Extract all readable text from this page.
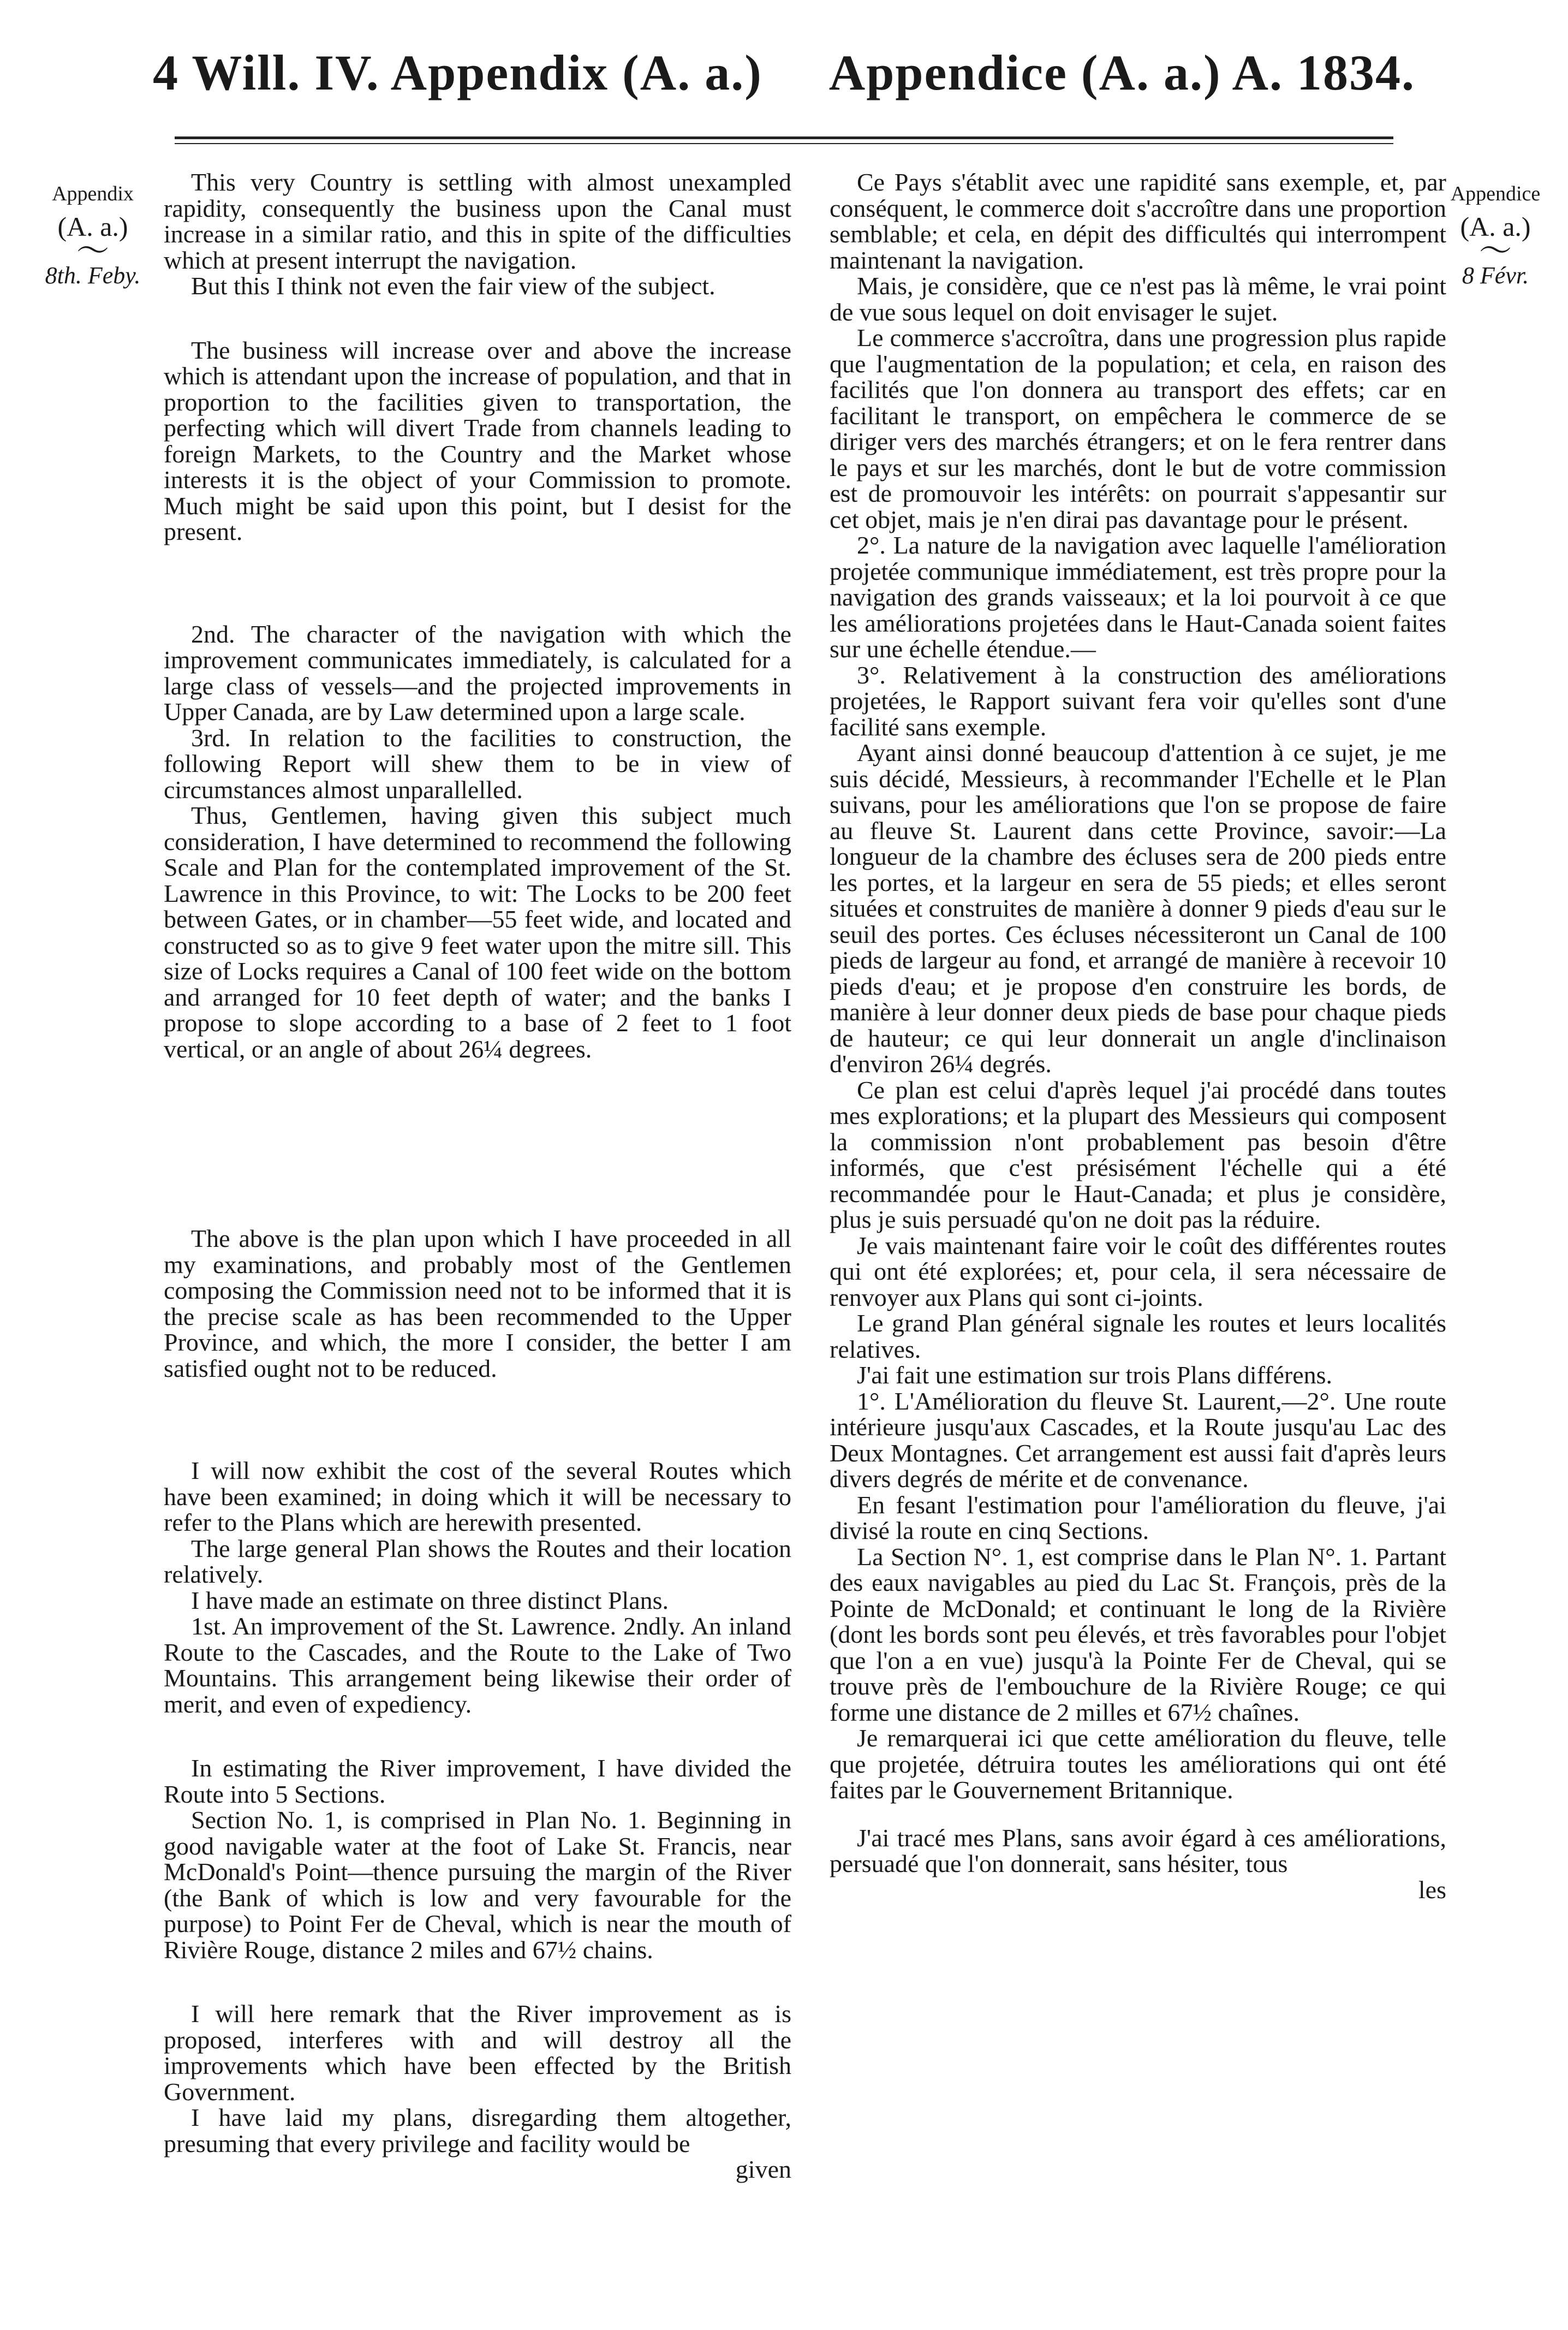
4 Will. IV. Appendix (A. a.) Appendice (A. a.) A. 1834.
Appendix
(A. a.)
〜
8th. Feby.
Appendice
(A. a.)
〜
8 Févr.

This very Country is settling with almost unexampled rapidity, consequently the business upon the Canal must increase in a similar ratio, and this in spite of the difficulties which at present interrupt the navigation.

But this I think not even the fair view of the subject.

The business will increase over and above the increase which is attendant upon the increase of population, and that in proportion to the facilities given to transportation, the perfecting which will divert Trade from channels leading to foreign Markets, to the Country and the Market whose interests it is the object of your Commission to promote. Much might be said upon this point, but I desist for the present.

2nd. The character of the navigation with which the improvement communicates immediately, is calculated for a large class of vessels—and the projected improvements in Upper Canada, are by Law determined upon a large scale.

3rd. In relation to the facilities to construction, the following Report will shew them to be in view of circumstances almost unparallelled.

Thus, Gentlemen, having given this subject much consideration, I have determined to recommend the following Scale and Plan for the contemplated improvement of the St. Lawrence in this Province, to wit: The Locks to be 200 feet between Gates, or in chamber—55 feet wide, and located and constructed so as to give 9 feet water upon the mitre sill. This size of Locks requires a Canal of 100 feet wide on the bottom and arranged for 10 feet depth of water; and the banks I propose to slope according to a base of 2 feet to 1 foot vertical, or an angle of about 26¼ degrees.

The above is the plan upon which I have proceeded in all my examinations, and probably most of the Gentlemen composing the Commission need not to be informed that it is the precise scale as has been recommended to the Upper Province, and which, the more I consider, the better I am satisfied ought not to be reduced.

I will now exhibit the cost of the several Routes which have been examined; in doing which it will be necessary to refer to the Plans which are herewith presented.

The large general Plan shows the Routes and their location relatively.

I have made an estimate on three distinct Plans.

1st. An improvement of the St. Lawrence. 2ndly. An inland Route to the Cascades, and the Route to the Lake of Two Mountains. This arrangement being likewise their order of merit, and even of expediency.

In estimating the River improvement, I have divided the Route into 5 Sections.

Section No. 1, is comprised in Plan No. 1. Beginning in good navigable water at the foot of Lake St. Francis, near McDonald's Point—thence pursuing the margin of the River (the Bank of which is low and very favourable for the purpose) to Point Fer de Cheval, which is near the mouth of Rivière Rouge, distance 2 miles and 67½ chains.

I will here remark that the River improvement as is proposed, interferes with and will destroy all the improvements which have been effected by the British Government.

I have laid my plans, disregarding them altogether, presuming that every privilege and facility would be

given

Ce Pays s'établit avec une rapidité sans exemple, et, par conséquent, le commerce doit s'accroître dans une proportion semblable; et cela, en dépit des difficultés qui interrompent maintenant la navigation.

Mais, je considère, que ce n'est pas là même, le vrai point de vue sous lequel on doit envisager le sujet.

Le commerce s'accroîtra, dans une progression plus rapide que l'augmentation de la population; et cela, en raison des facilités que l'on donnera au transport des effets; car en facilitant le transport, on empêchera le commerce de se diriger vers des marchés étrangers; et on le fera rentrer dans le pays et sur les marchés, dont le but de votre commission est de promouvoir les intérêts: on pourrait s'appesantir sur cet objet, mais je n'en dirai pas davantage pour le présent.

2°. La nature de la navigation avec laquelle l'amélioration projetée communique immédiatement, est très propre pour la navigation des grands vaisseaux; et la loi pourvoit à ce que les améliorations projetées dans le Haut-Canada soient faites sur une échelle étendue.—

3°. Relativement à la construction des améliorations projetées, le Rapport suivant fera voir qu'elles sont d'une facilité sans exemple.

Ayant ainsi donné beaucoup d'attention à ce sujet, je me suis décidé, Messieurs, à recommander l'Echelle et le Plan suivans, pour les améliorations que l'on se propose de faire au fleuve St. Laurent dans cette Province, savoir:—La longueur de la chambre des écluses sera de 200 pieds entre les portes, et la largeur en sera de 55 pieds; et elles seront situées et construites de manière à donner 9 pieds d'eau sur le seuil des portes. Ces écluses nécessiteront un Canal de 100 pieds de largeur au fond, et arrangé de manière à recevoir 10 pieds d'eau; et je propose d'en construire les bords, de manière à leur donner deux pieds de base pour chaque pieds de hauteur; ce qui leur donnerait un angle d'inclinaison d'environ 26¼ degrés.

Ce plan est celui d'après lequel j'ai procédé dans toutes mes explorations; et la plupart des Messieurs qui composent la commission n'ont probablement pas besoin d'être informés, que c'est présisément l'échelle qui a été recommandée pour le Haut-Canada; et plus je considère, plus je suis persuadé qu'on ne doit pas la réduire.

Je vais maintenant faire voir le coût des différentes routes qui ont été explorées; et, pour cela, il sera nécessaire de renvoyer aux Plans qui sont ci-joints.

Le grand Plan général signale les routes et leurs localités relatives.

J'ai fait une estimation sur trois Plans différens.

1°. L'Amélioration du fleuve St. Laurent,—2°. Une route intérieure jusqu'aux Cascades, et la Route jusqu'au Lac des Deux Montagnes. Cet arrangement est aussi fait d'après leurs divers degrés de mérite et de convenance.

En fesant l'estimation pour l'amélioration du fleuve, j'ai divisé la route en cinq Sections.

La Section N°. 1, est comprise dans le Plan N°. 1. Partant des eaux navigables au pied du Lac St. François, près de la Pointe de McDonald; et continuant le long de la Rivière (dont les bords sont peu élevés, et très favorables pour l'objet que l'on a en vue) jusqu'à la Pointe Fer de Cheval, qui se trouve près de l'embouchure de la Rivière Rouge; ce qui forme une distance de 2 milles et 67½ chaînes.

Je remarquerai ici que cette amélioration du fleuve, telle que projetée, détruira toutes les améliorations qui ont été faites par le Gouvernement Britannique.

J'ai tracé mes Plans, sans avoir égard à ces améliorations, persuadé que l'on donnerait, sans hésiter, tous

les
